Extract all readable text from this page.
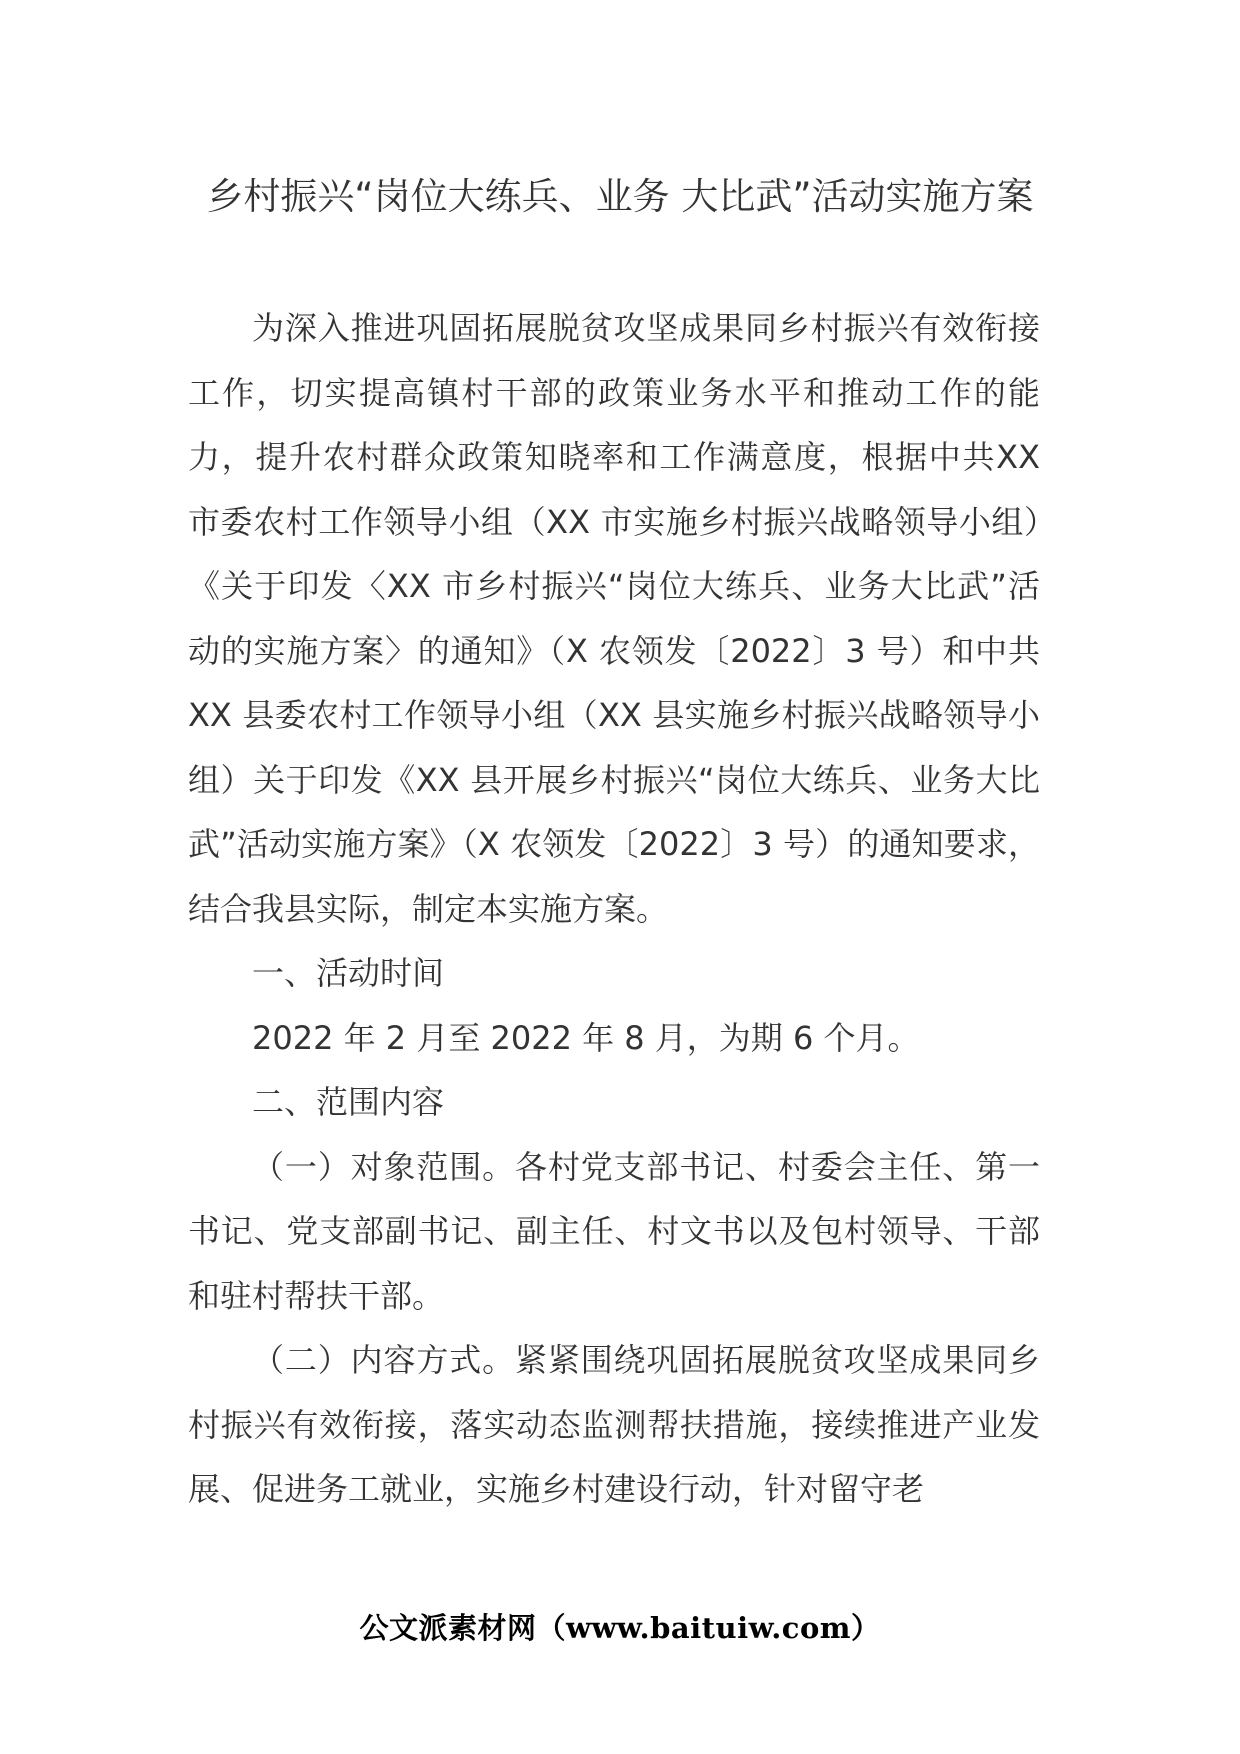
乡村振兴“岗位大练兵、业务 大比武”活动实施方案

为深入推进巩固拓展脱贫攻坚成果同乡村振兴有效衔接工作，切实提高镇村干部的政策业务水平和推动工作的能力，提升农村群众政策知晓率和工作满意度，根据中共XX 市委农村工作领导小组（XX 市实施乡村振兴战略领导小组）《关于印发〈XX 市乡村振兴“岗位大练兵、业务大比武”活动的实施方案〉的通知》（X 农领发〔2022〕3 号）和中共 XX 县委农村工作领导小组（XX 县实施乡村振兴战略领导小组）关于印发《XX 县开展乡村振兴“岗位大练兵、业务大比武”活动实施方案》（X 农领发〔2022〕3 号）的通知要求，结合我县实际，制定本实施方案。

一、活动时间

2022 年 2 月至 2022 年 8 月，为期 6 个月。

二、范围内容

（一）对象范围。各村党支部书记、村委会主任、第一书记、党支部副书记、副主任、村文书以及包村领导、干部和驻村帮扶干部。

（二）内容方式。紧紧围绕巩固拓展脱贫攻坚成果同乡村振兴有效衔接，落实动态监测帮扶措施，接续推进产业发展、促进务工就业，实施乡村建设行动，针对留守老

公文派素材网（www.baituiw.com）
